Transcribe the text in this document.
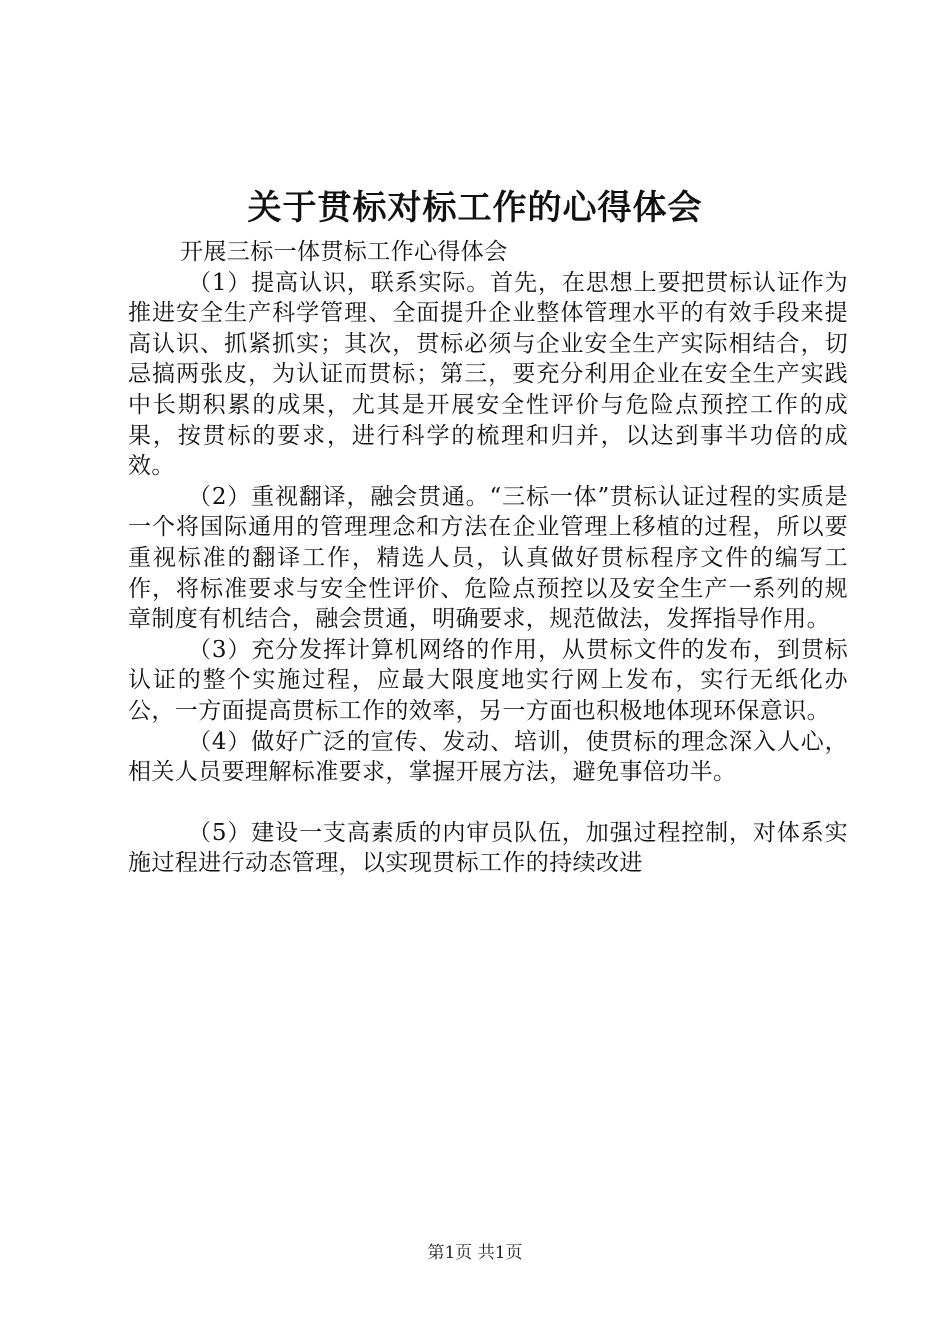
关于贯标对标工作的心得体会

开展三标一体贯标工作心得体会

（1）提高认识，联系实际。首先，在思想上要把贯标认证作为推进安全生产科学管理、全面提升企业整体管理水平的有效手段来提高认识、抓紧抓实；其次，贯标必须与企业安全生产实际相结合，切忌搞两张皮，为认证而贯标；第三，要充分利用企业在安全生产实践中长期积累的成果，尤其是开展安全性评价与危险点预控工作的成果，按贯标的要求，进行科学的梳理和归并，以达到事半功倍的成效。

（2）重视翻译，融会贯通。“三标一体”贯标认证过程的实质是一个将国际通用的管理理念和方法在企业管理上移植的过程，所以要重视标准的翻译工作，精选人员，认真做好贯标程序文件的编写工作，将标准要求与安全性评价、危险点预控以及安全生产一系列的规章制度有机结合，融会贯通，明确要求，规范做法，发挥指导作用。

（3）充分发挥计算机网络的作用，从贯标文件的发布，到贯标认证的整个实施过程，应最大限度地实行网上发布，实行无纸化办公，一方面提高贯标工作的效率，另一方面也积极地体现环保意识。

（4）做好广泛的宣传、发动、培训，使贯标的理念深入人心，相关人员要理解标准要求，掌握开展方法，避免事倍功半。

（5）建设一支高素质的内审员队伍，加强过程控制，对体系实施过程进行动态管理，以实现贯标工作的持续改进

第1页 共1页
